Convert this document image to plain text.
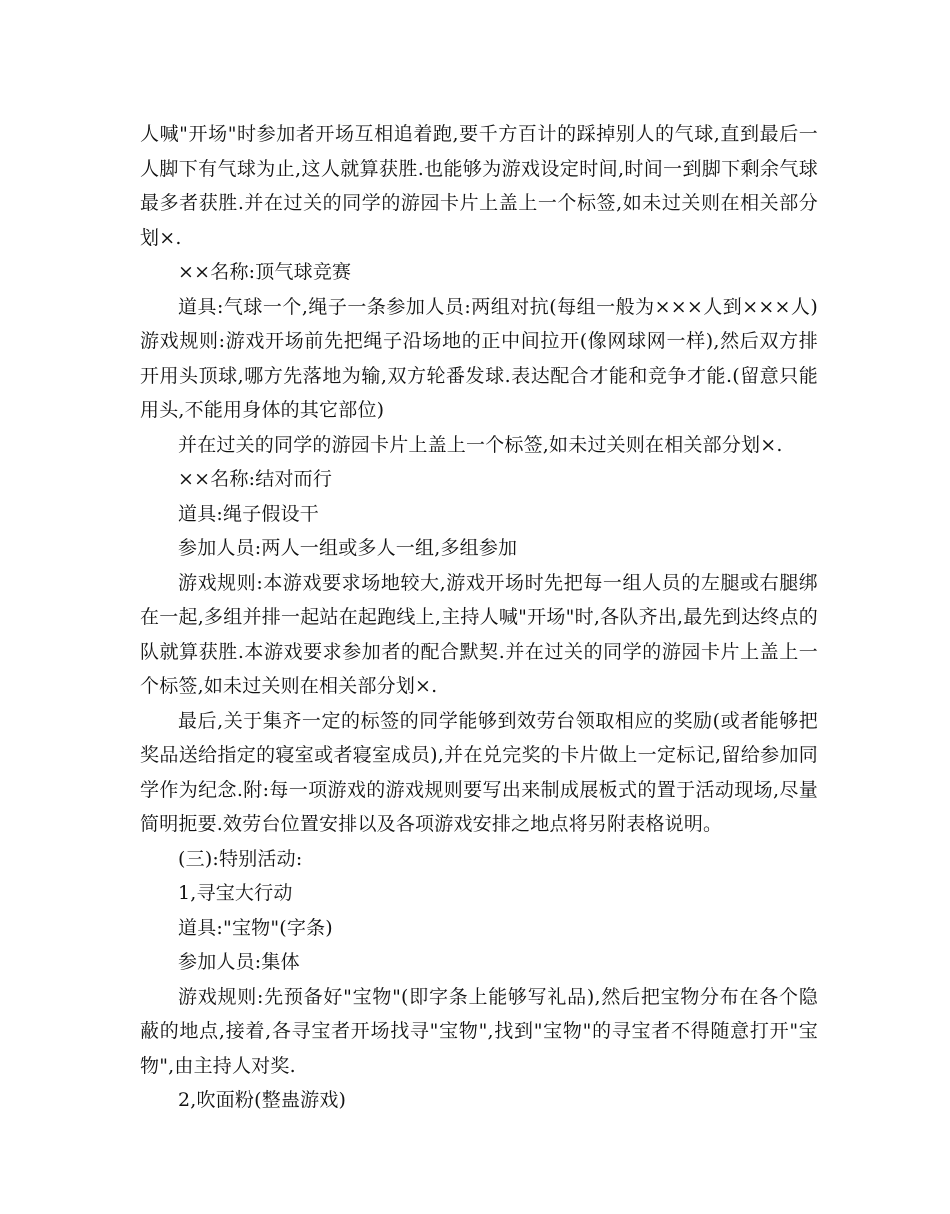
人喊"开场"时参加者开场互相追着跑,要千方百计的踩掉别人的气球,直到最后一人脚下有气球为止,这人就算获胜.也能够为游戏设定时间,时间一到脚下剩余气球最多者获胜.并在过关的同学的游园卡片上盖上一个标签,如未过关则在相关部分划×.

××名称:顶气球竞赛

道具:气球一个,绳子一条参加人员:两组对抗(每组一般为×××人到×××人)游戏规则:游戏开场前先把绳子沿场地的正中间拉开(像网球网一样),然后双方排开用头顶球,哪方先落地为输,双方轮番发球.表达配合才能和竞争才能.(留意只能用头,不能用身体的其它部位)

并在过关的同学的游园卡片上盖上一个标签,如未过关则在相关部分划×.

××名称:结对而行

道具:绳子假设干

参加人员:两人一组或多人一组,多组参加

游戏规则:本游戏要求场地较大,游戏开场时先把每一组人员的左腿或右腿绑在一起,多组并排一起站在起跑线上,主持人喊"开场"时,各队齐出,最先到达终点的队就算获胜.本游戏要求参加者的配合默契.并在过关的同学的游园卡片上盖上一个标签,如未过关则在相关部分划×.

最后,关于集齐一定的标签的同学能够到效劳台领取相应的奖励(或者能够把奖品送给指定的寝室或者寝室成员),并在兑完奖的卡片做上一定标记,留给参加同学作为纪念.附:每一项游戏的游戏规则要写出来制成展板式的置于活动现场,尽量简明扼要.效劳台位置安排以及各项游戏安排之地点将另附表格说明。

(三):特别活动:

1,寻宝大行动

道具:"宝物"(字条)

参加人员:集体

游戏规则:先预备好"宝物"(即字条上能够写礼品),然后把宝物分布在各个隐蔽的地点,接着,各寻宝者开场找寻"宝物",找到"宝物"的寻宝者不得随意打开"宝物",由主持人对奖.

2,吹面粉(整蛊游戏)
